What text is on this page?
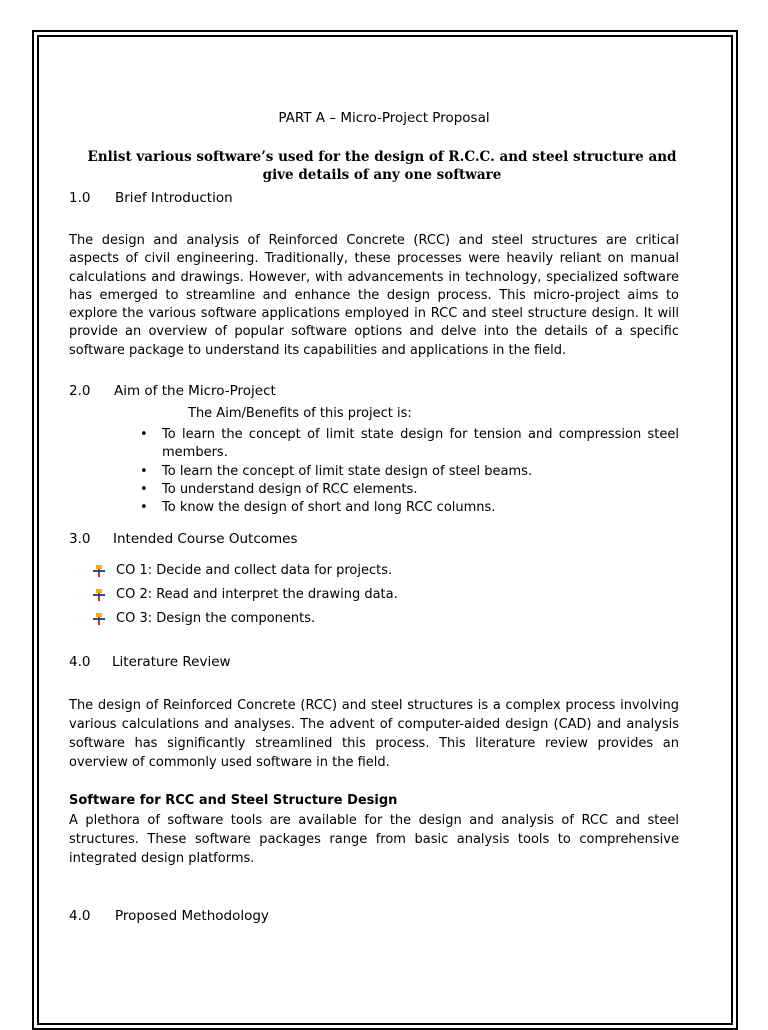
PART A – Micro-Project Proposal
Enlist various software’s used for the design of R.C.C. and steel structure and give details of any one software
1.0 Brief Introduction
The design and analysis of Reinforced Concrete (RCC) and steel structures are critical aspects of civil engineering. Traditionally, these processes were heavily reliant on manual calculations and drawings. However, with advancements in technology, specialized software has emerged to streamline and enhance the design process. This micro-project aims to explore the various software applications employed in RCC and steel structure design. It will provide an overview of popular software options and delve into the details of a specific software package to understand its capabilities and applications in the field.
2.0 Aim of the Micro-Project
The Aim/Benefits of this project is:
• To learn the concept of limit state design for tension and compression steel members.
• To learn the concept of limit state design of steel beams.
• To understand design of RCC elements.
• To know the design of short and long RCC columns.
3.0 Intended Course Outcomes
CO 1: Decide and collect data for projects.
CO 2: Read and interpret the drawing data.
CO 3: Design the components.
4.0 Literature Review
The design of Reinforced Concrete (RCC) and steel structures is a complex process involving various calculations and analyses. The advent of computer-aided design (CAD) and analysis software has significantly streamlined this process. This literature review provides an overview of commonly used software in the field.
Software for RCC and Steel Structure Design
A plethora of software tools are available for the design and analysis of RCC and steel structures. These software packages range from basic analysis tools to comprehensive integrated design platforms.
4.0 Proposed Methodology
